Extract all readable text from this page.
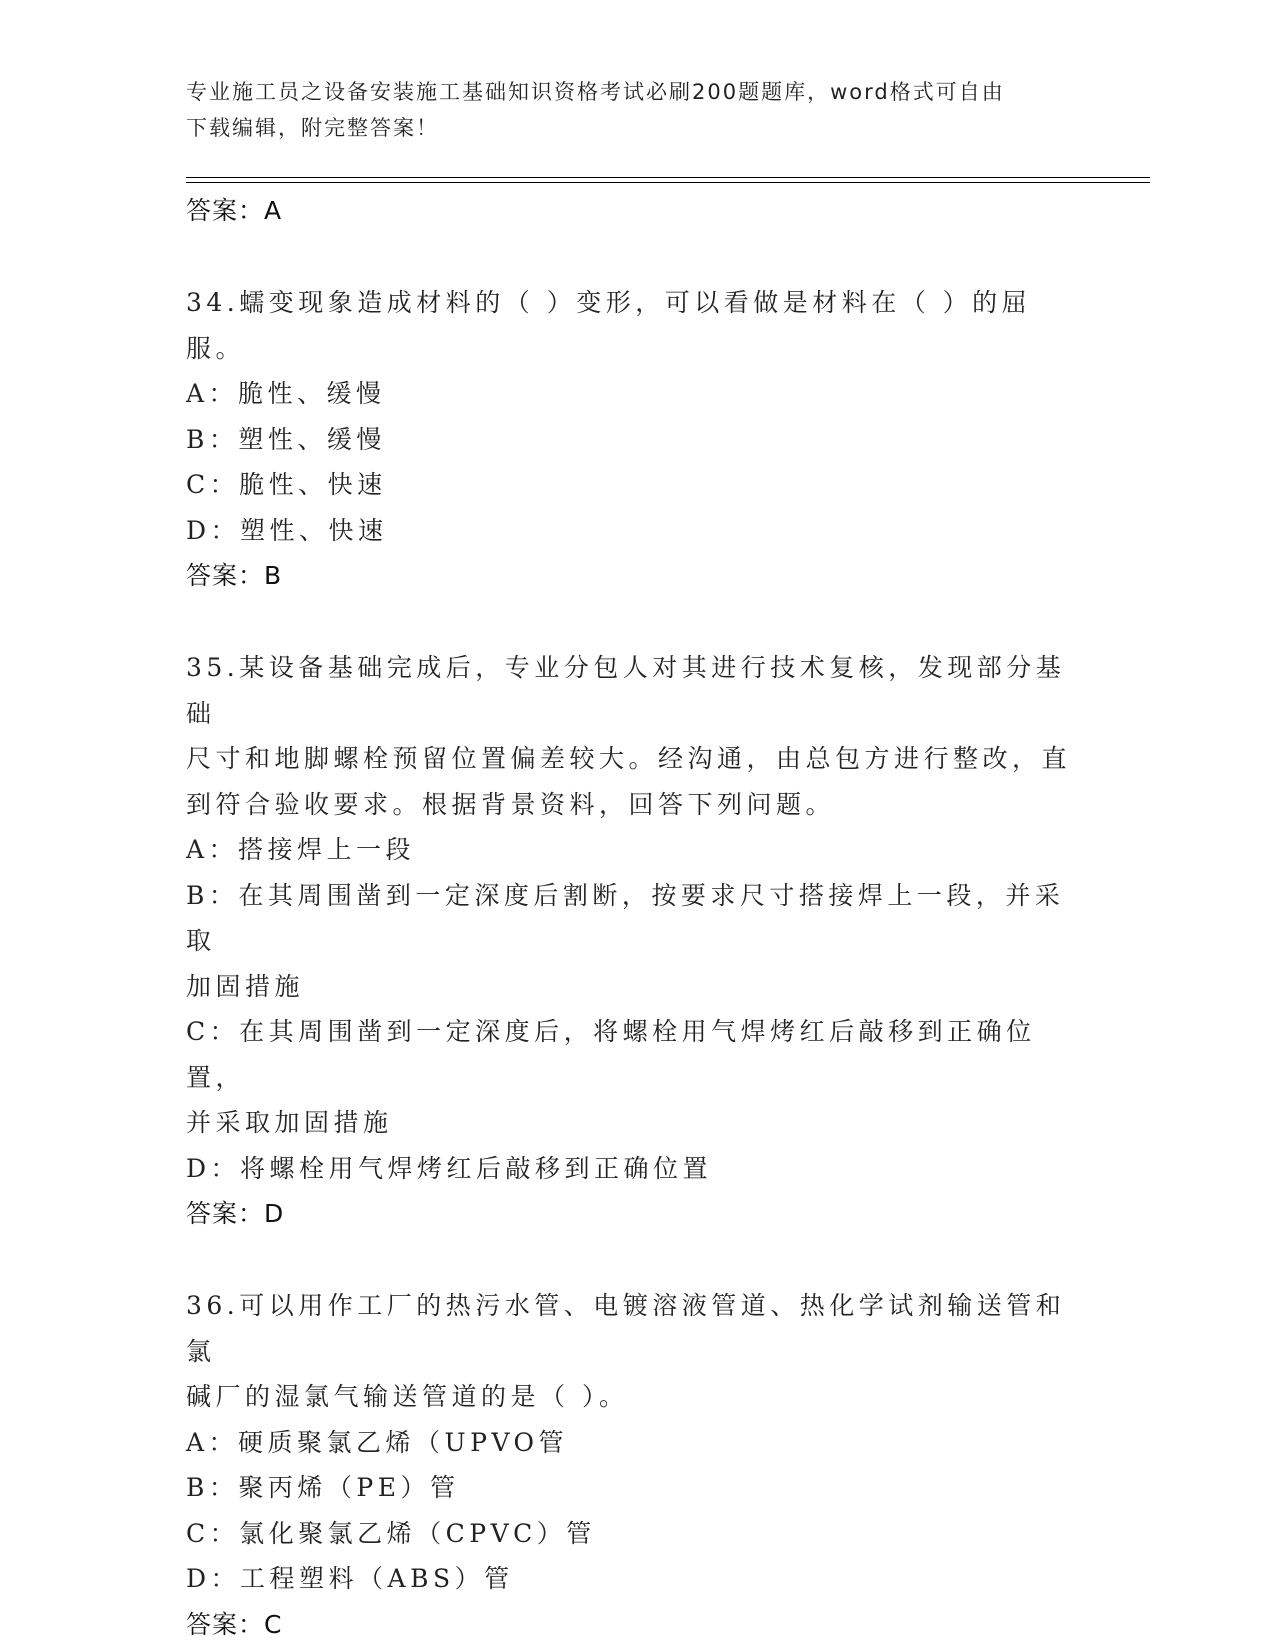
专业施工员之设备安装施工基础知识资格考试必刷200题题库，word格式可自由
下载编辑，附完整答案！
答案：A
34.蠕变现象造成材料的（ ）变形，可以看做是材料在（ ）的屈服。
A：脆性、缓慢
B：塑性、缓慢
C：脆性、快速
D：塑性、快速
答案：B
35.某设备基础完成后，专业分包人对其进行技术复核，发现部分基础
尺寸和地脚螺栓预留位置偏差较大。经沟通，由总包方进行整改，直
到符合验收要求。根据背景资料，回答下列问题。
A：搭接焊上一段
B：在其周围凿到一定深度后割断，按要求尺寸搭接焊上一段，并采取
加固措施
C：在其周围凿到一定深度后，将螺栓用气焊烤红后敲移到正确位置，
并采取加固措施
D：将螺栓用气焊烤红后敲移到正确位置
答案：D
36.可以用作工厂的热污水管、电镀溶液管道、热化学试剂输送管和氯
碱厂的湿氯气输送管道的是（ ）。
A：硬质聚氯乙烯（UPVO管
B：聚丙烯（PE）管
C：氯化聚氯乙烯（CPVC）管
D：工程塑料（ABS）管
答案：C
